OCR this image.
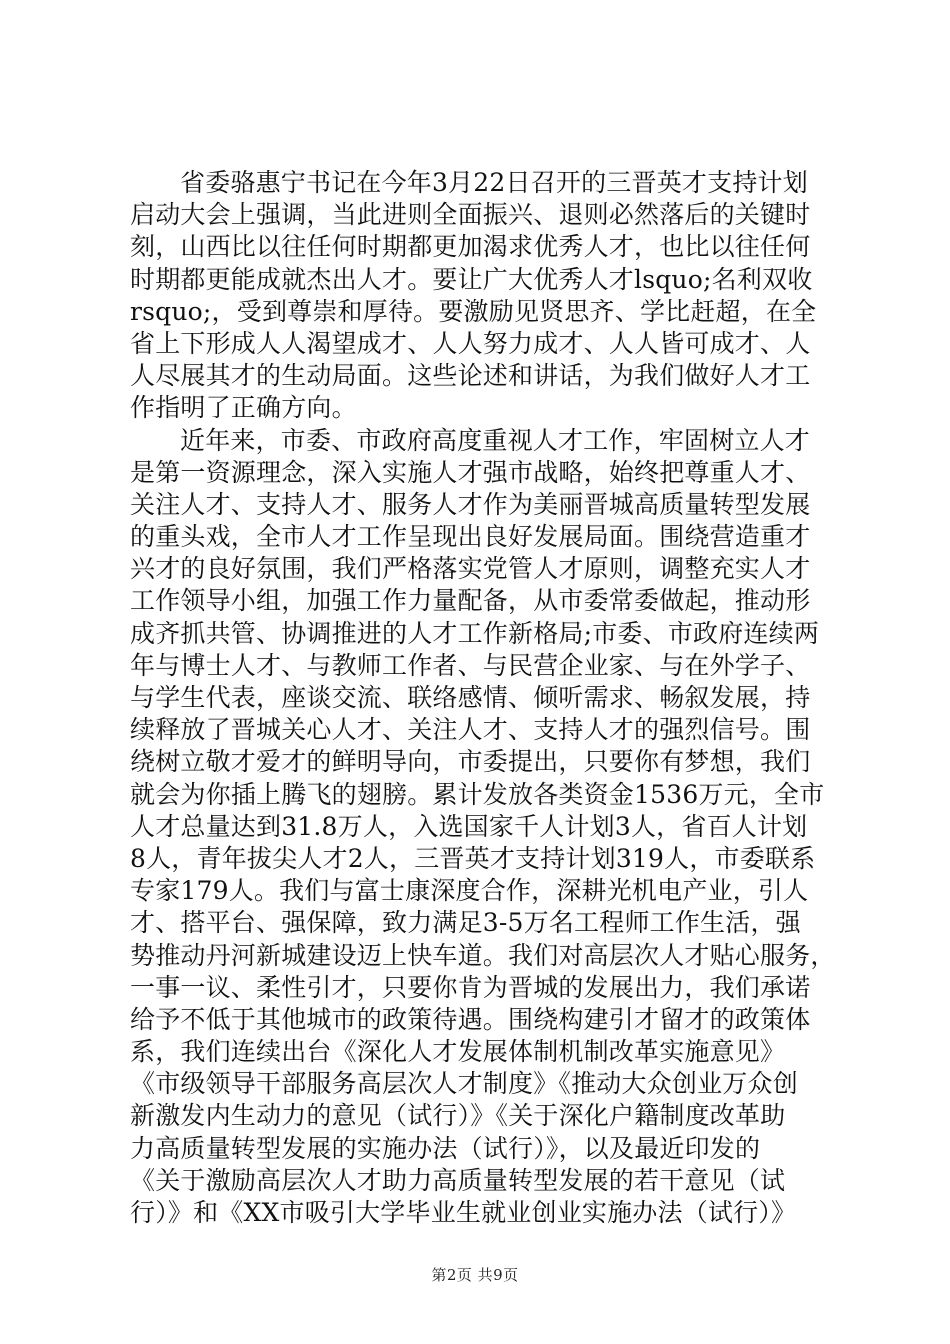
省委骆惠宁书记在今年3月22日召开的三晋英才支持计划
启动大会上强调，当此进则全面振兴、退则必然落后的关键时
刻，山西比以往任何时期都更加渴求优秀人才，也比以往任何
时期都更能成就杰出人才。要让广大优秀人才lsquo;名利双收
rsquo;，受到尊崇和厚待。要激励见贤思齐、学比赶超，在全
省上下形成人人渴望成才、人人努力成才、人人皆可成才、人
人尽展其才的生动局面。这些论述和讲话，为我们做好人才工
作指明了正确方向。
近年来，市委、市政府高度重视人才工作，牢固树立人才
是第一资源理念，深入实施人才强市战略，始终把尊重人才、
关注人才、支持人才、服务人才作为美丽晋城高质量转型发展
的重头戏，全市人才工作呈现出良好发展局面。围绕营造重才
兴才的良好氛围，我们严格落实党管人才原则，调整充实人才
工作领导小组，加强工作力量配备，从市委常委做起，推动形
成齐抓共管、协调推进的人才工作新格局;市委、市政府连续两
年与博士人才、与教师工作者、与民营企业家、与在外学子、
与学生代表，座谈交流、联络感情、倾听需求、畅叙发展，持
续释放了晋城关心人才、关注人才、支持人才的强烈信号。围
绕树立敬才爱才的鲜明导向，市委提出，只要你有梦想，我们
就会为你插上腾飞的翅膀。累计发放各类资金1536万元，全市
人才总量达到31.8万人，入选国家千人计划3人，省百人计划
8人，青年拔尖人才2人，三晋英才支持计划319人，市委联系
专家179人。我们与富士康深度合作，深耕光机电产业，引人
才、搭平台、强保障，致力满足3-5万名工程师工作生活，强
势推动丹河新城建设迈上快车道。我们对高层次人才贴心服务，
一事一议、柔性引才，只要你肯为晋城的发展出力，我们承诺
给予不低于其他城市的政策待遇。围绕构建引才留才的政策体
系，我们连续出台《深化人才发展体制机制改革实施意见》
《市级领导干部服务高层次人才制度》《推动大众创业万众创
新激发内生动力的意见（试行）》《关于深化户籍制度改革助
力高质量转型发展的实施办法（试行）》，以及最近印发的
《关于激励高层次人才助力高质量转型发展的若干意见（试
行）》和《XX市吸引大学毕业生就业创业实施办法（试行）》
第2页 共9页
